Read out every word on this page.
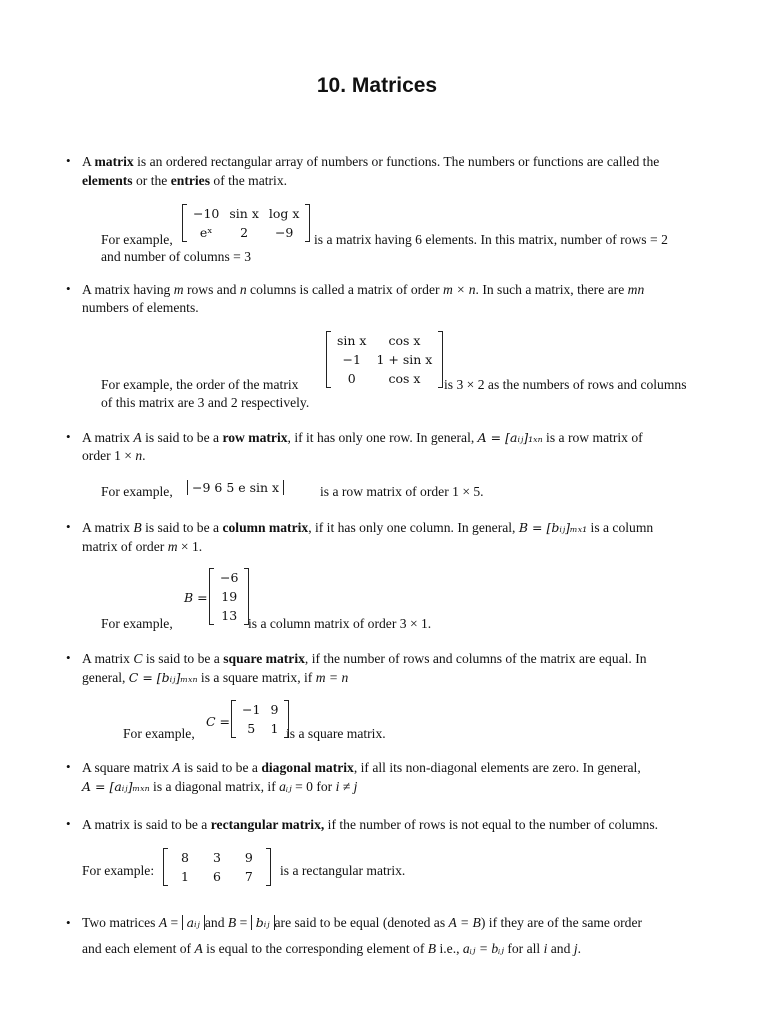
10. Matrices
• A matrix is an ordered rectangular array of numbers or functions. The numbers or functions are called the
elements or the entries of the matrix.
For example,
−10	sin x	log x
eˣ	2	−9 is a matrix having 6 elements. In this matrix, number of rows = 2
and number of columns = 3
• A matrix having m rows and n columns is called a matrix of order m × n. In such a matrix, there are mn
numbers of elements.
For example, the order of the matrix
sin x	cos x
−1	1 + sin x
0	cos x is 3 × 2 as the numbers of rows and columns
of this matrix are 3 and 2 respectively.
• A matrix A is said to be a row matrix, if it has only one row. In general, A = [aᵢⱼ]₁ₓₙ is a row matrix of
order 1 × n.
For example,	−9 6 5 e sin x	is a row matrix of order 1 × 5.
• A matrix B is said to be a column matrix, if it has only one column. In general, B = [bᵢⱼ]ₘₓ₁ is a column
matrix of order m × 1.
For example,
B =
−6
19
13
is a column matrix of order 3 × 1.
• A matrix C is said to be a square matrix, if the number of rows and columns of the matrix are equal. In
general, C = [bᵢⱼ]ₘₓₙ is a square matrix, if m = n
For example,
C =
−1	9
5	1 is a square matrix.
• A square matrix A is said to be a diagonal matrix, if all its non-diagonal elements are zero. In general,
A = [aᵢⱼ]ₘₓₙ is a diagonal matrix, if aᵢⱼ = 0 for i ≠ j
• A matrix is said to be a rectangular matrix, if the number of rows is not equal to the number of columns.
For example:
8	3	9
1	6	7 is a rectangular matrix.
• Two matrices A = aᵢⱼ and B = bᵢⱼ are said to be equal (denoted as A = B) if they are of the same order
and each element of A is equal to the corresponding element of B i.e., aᵢⱼ = bᵢⱼ for all i and j.
